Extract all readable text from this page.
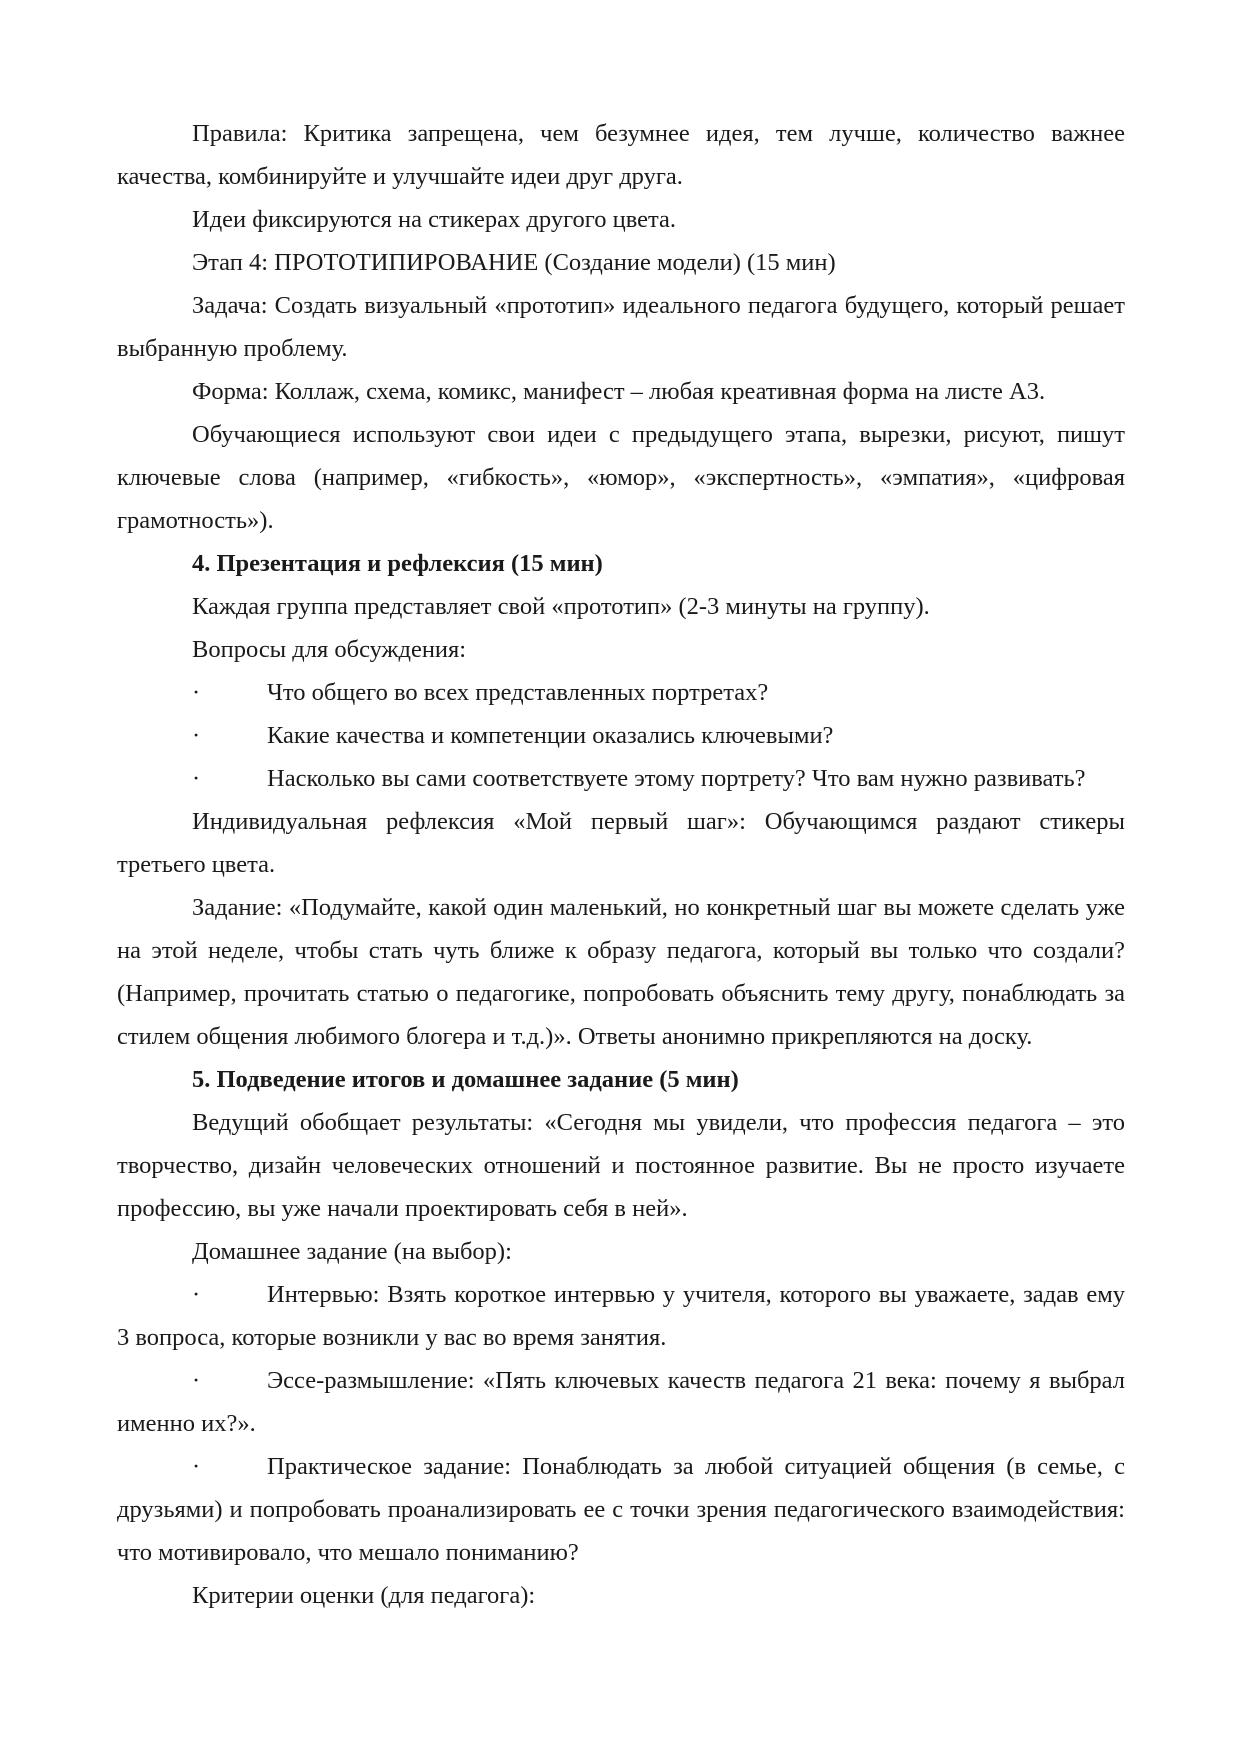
Правила: Критика запрещена, чем безумнее идея, тем лучше, количество важнее качества, комбинируйте и улучшайте идеи друг друга.

Идеи фиксируются на стикерах другого цвета.

Этап 4: ПРОТОТИПИРОВАНИЕ (Создание модели) (15 мин)

Задача: Создать визуальный «прототип» идеального педагога будущего, который решает выбранную проблему.

Форма: Коллаж, схема, комикс, манифест – любая креативная форма на листе А3.

Обучающиеся используют свои идеи с предыдущего этапа, вырезки, рисуют, пишут ключевые слова (например, «гибкость», «юмор», «экспертность», «эмпатия», «цифровая грамотность»).

4. Презентация и рефлексия (15 мин)

Каждая группа представляет свой «прототип» (2-3 минуты на группу).

Вопросы для обсуждения:

·	Что общего во всех представленных портретах?

·	Какие качества и компетенции оказались ключевыми?

·	Насколько вы сами соответствуете этому портрету? Что вам нужно развивать?

Индивидуальная рефлексия «Мой первый шаг»: Обучающимся раздают стикеры третьего цвета.

Задание: «Подумайте, какой один маленький, но конкретный шаг вы можете сделать уже на этой неделе, чтобы стать чуть ближе к образу педагога, который вы только что создали? (Например, прочитать статью о педагогике, попробовать объяснить тему другу, понаблюдать за стилем общения любимого блогера и т.д.)». Ответы анонимно прикрепляются на доску.

5. Подведение итогов и домашнее задание (5 мин)

Ведущий обобщает результаты: «Сегодня мы увидели, что профессия педагога – это творчество, дизайн человеческих отношений и постоянное развитие. Вы не просто изучаете профессию, вы уже начали проектировать себя в ней».

Домашнее задание (на выбор):

·	Интервью: Взять короткое интервью у учителя, которого вы уважаете, задав ему 3 вопроса, которые возникли у вас во время занятия.

·	Эссе-размышление: «Пять ключевых качеств педагога 21 века: почему я выбрал именно их?».

·	Практическое задание: Понаблюдать за любой ситуацией общения (в семье, с друзьями) и попробовать проанализировать ее с точки зрения педагогического взаимодействия: что мотивировало, что мешало пониманию?

Критерии оценки (для педагога):
